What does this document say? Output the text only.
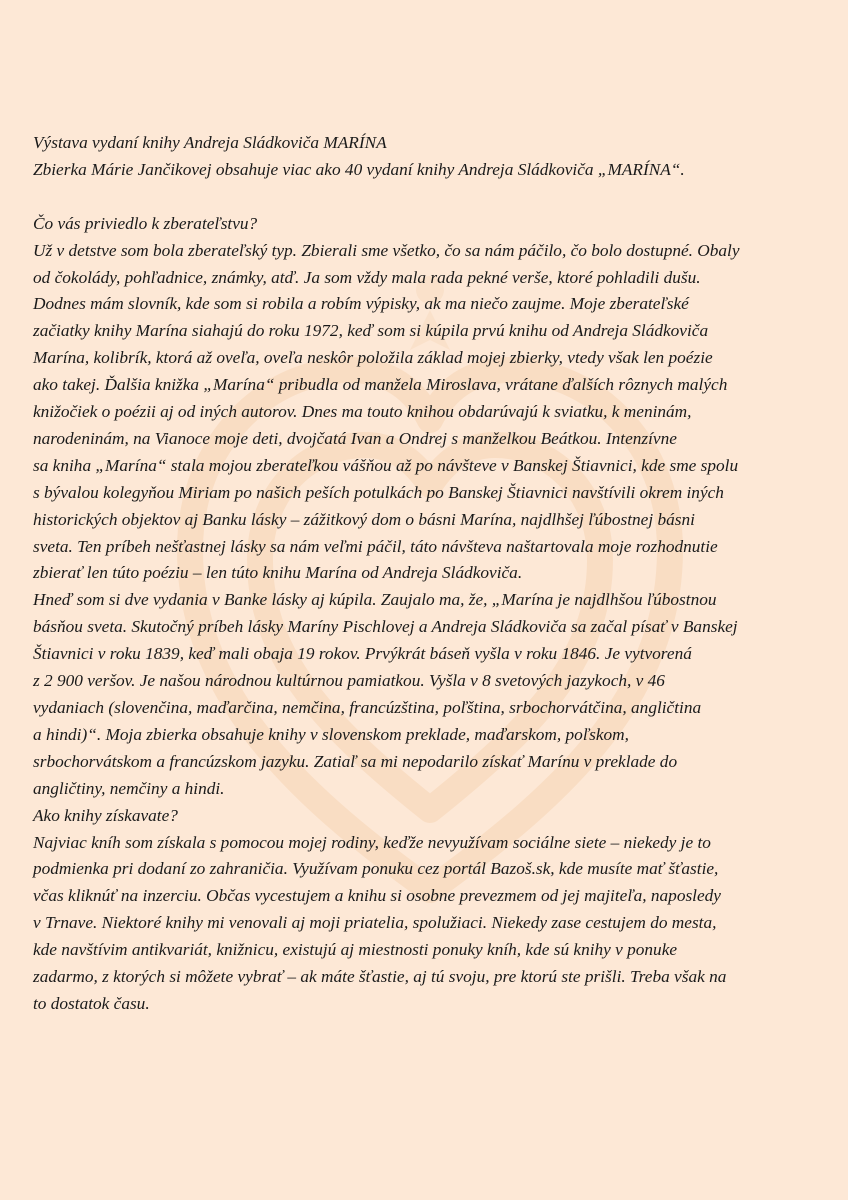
Výstava vydaní knihy Andreja Sládkoviča MARÍNA
Zbierka Márie Jančikovej obsahuje viac ako 40 vydaní knihy Andreja Sládkoviča „MARÍNA“.
Čo vás priviedlo k zberateľstvu?
Už v detstve som bola zberateľský typ. Zbierali sme všetko, čo sa nám páčilo, čo bolo dostupné. Obaly
od čokolády, pohľadnice, známky, atď. Ja som vždy mala rada pekné verše, ktoré pohladili dušu.
Dodnes mám slovník, kde som si robila a robím výpisky, ak ma niečo zaujme. Moje zberateľské
začiatky knihy Marína siahajú do roku 1972, keď som si kúpila prvú knihu od Andreja Sládkoviča
Marína, kolibrík, ktorá až oveľa, oveľa neskôr položila základ mojej zbierky, vtedy však len poézie
ako takej. Ďalšia knižka „Marína“ pribudla od manžela Miroslava, vrátane ďalších rôznych malých
knižočiek o poézii aj od iných autorov. Dnes ma touto knihou obdarúvajú k sviatku, k meninám,
narodeninám, na Vianoce moje deti, dvojčatá Ivan a Ondrej s manželkou Beátkou. Intenzívne
sa kniha „Marína“ stala mojou zberateľkou vášňou až po návšteve v Banskej Štiavnici, kde sme spolu
s bývalou kolegyňou Miriam po našich peších potulkách po Banskej Štiavnici navštívili okrem iných
historických objektov aj Banku lásky – zážitkový dom o básni Marína, najdlhšej ľúbostnej básni
sveta. Ten príbeh nešťastnej lásky sa nám veľmi páčil, táto návšteva naštartovala moje rozhodnutie
zbierať len túto poéziu – len túto knihu Marína od Andreja Sládkoviča.
Hneď som si dve vydania v Banke lásky aj kúpila. Zaujalo ma, že, „Marína je najdlhšou ľúbostnou
básňou sveta. Skutočný príbeh lásky Maríny Pischlovej a Andreja Sládkoviča sa začal písať v Banskej
Štiavnici v roku 1839, keď mali obaja 19 rokov. Prvýkrát báseň vyšla v roku 1846. Je vytvorená
z 2 900 veršov. Je našou národnou kultúrnou pamiatkou. Vyšla v 8 svetových jazykoch, v 46
vydaniach (slovenčina, maďarčina, nemčina, francúzština, poľština, srbochorvátčina, angličtina
a hindi)“. Moja zbierka obsahuje knihy v slovenskom preklade, maďarskom, poľskom,
srbochorvátskom a francúzskom jazyku. Zatiaľ sa mi nepodarilo získať Marínu v preklade do
angličtiny, nemčiny a hindi.
Ako knihy získavate?
Najviac kníh som získala s pomocou mojej rodiny, keďže nevyužívam sociálne siete – niekedy je to
podmienka pri dodaní zo zahraničia. Využívam ponuku cez portál Bazoš.sk, kde musíte mať šťastie,
včas kliknúť na inzerciu. Občas vycestujem a knihu si osobne prevezmem od jej majiteľa, naposledy
v Trnave. Niektoré knihy mi venovali aj moji priatelia, spolužiaci. Niekedy zase cestujem do mesta,
kde navštívim antikvariát, knižnicu, existujú aj miestnosti ponuky kníh, kde sú knihy v ponuke
zadarmo, z ktorých si môžete vybrať – ak máte šťastie, aj tú svoju, pre ktorú ste prišli. Treba však na
to dostatok času.
